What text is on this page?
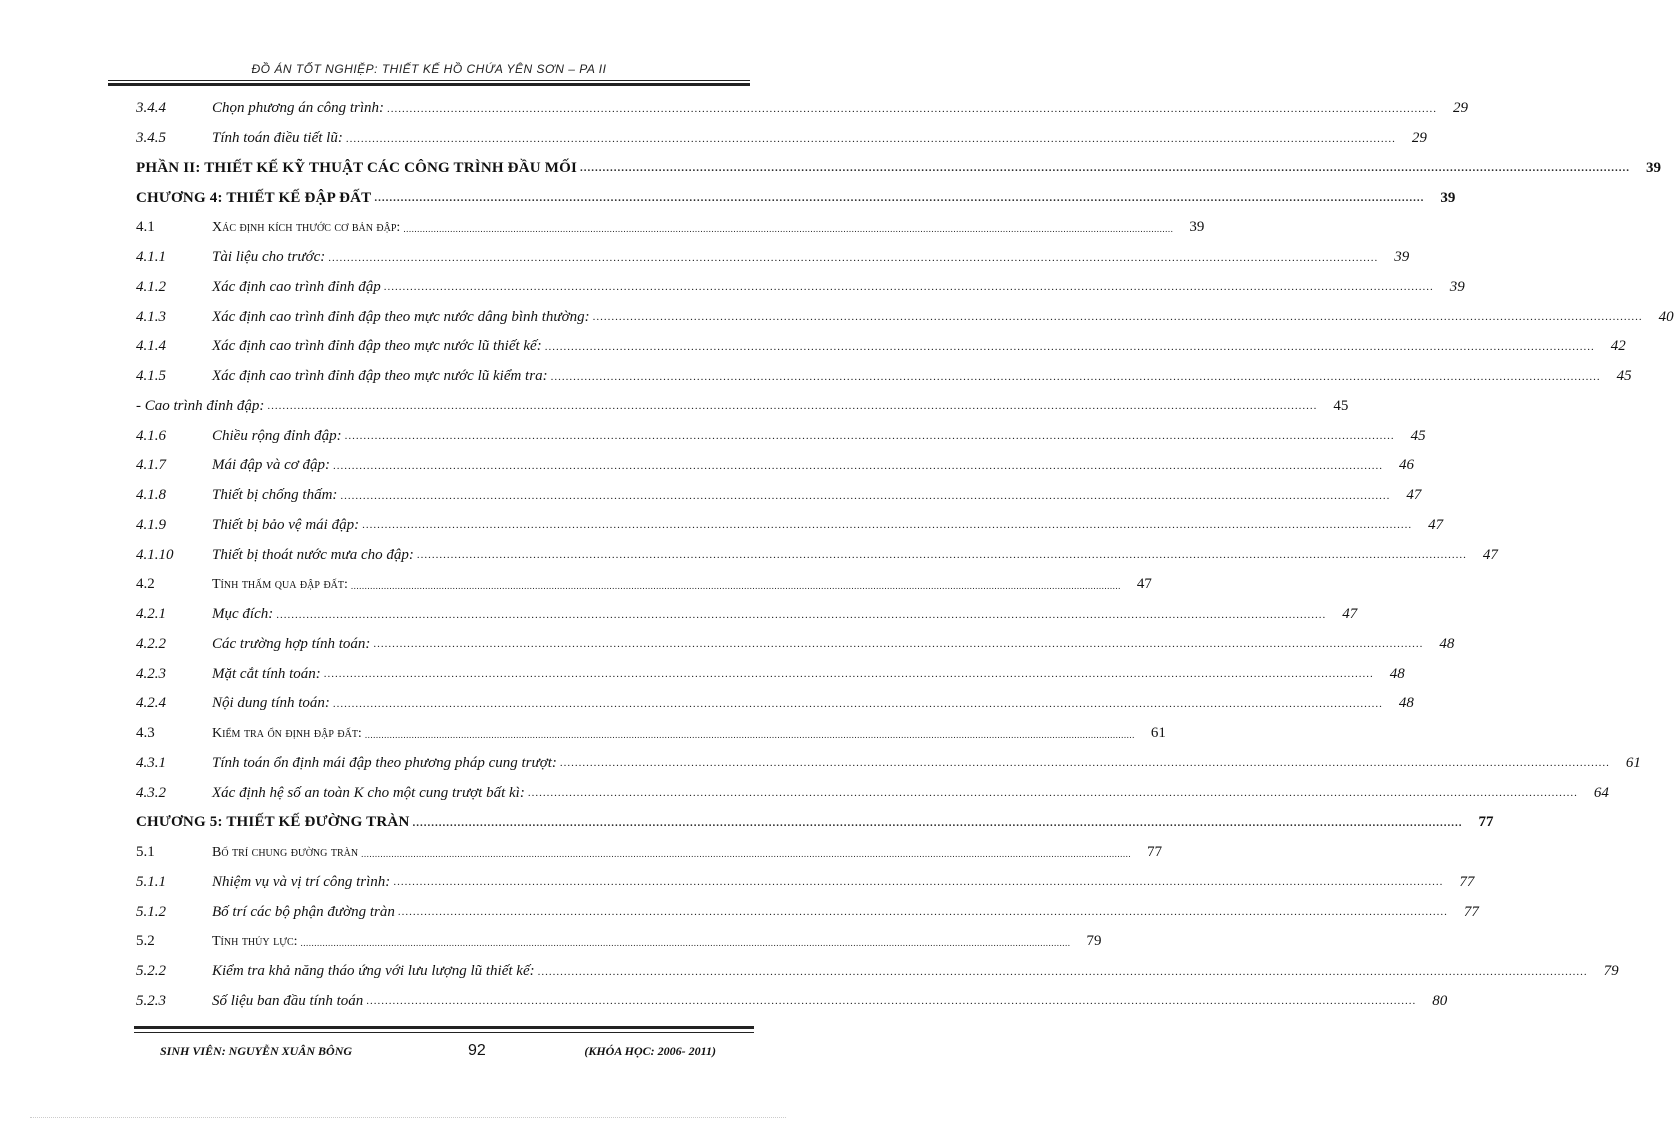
ĐỒ ÁN TỐT NGHIỆP: THIẾT KẾ HỒ CHỨA YÊN SƠN – PA II
3.4.4	Chọn phương án công trình: .....	29
3.4.5	Tính toán điều tiết lũ: .....	29
PHẦN II: THIẾT KẾ KỸ THUẬT CÁC CÔNG TRÌNH ĐẦU MỐI .....	39
CHƯƠNG 4: THIẾT KẾ ĐẬP ĐẤT .....	39
4.1	Xác định kích thước cơ bản đập: .....	39
4.1.1	Tài liệu cho trước: .....	39
4.1.2	Xác định cao trình đỉnh đập .....	39
4.1.3	Xác định cao trình đỉnh đập theo mực nước dâng bình thường: .....	40
4.1.4	Xác định cao trình đỉnh đập theo mực nước lũ thiết kế: .....	42
4.1.5	Xác định cao trình đỉnh đập theo mực nước lũ kiểm tra: .....	45
- Cao trình đỉnh đập: .....	45
4.1.6	Chiều rộng đỉnh đập: .....	45
4.1.7	Mái đập và cơ đập: .....	46
4.1.8	Thiết bị chống thấm: .....	47
4.1.9	Thiết bị bảo vệ mái đập: .....	47
4.1.10	Thiết bị thoát nước mưa cho đập: .....	47
4.2	Tính thấm qua đập đất: .....	47
4.2.1	Mục đích: .....	47
4.2.2	Các trường hợp tính toán: .....	48
4.2.3	Mặt cắt tính toán: .....	48
4.2.4	Nội dung tính toán: .....	48
4.3	Kiểm tra ổn định đập đất: .....	61
4.3.1	Tính toán ổn định mái đập theo phương pháp cung trượt: .....	61
4.3.2	Xác định hệ số an toàn K cho một cung trượt bất kì: .....	64
CHƯƠNG 5: THIẾT KẾ ĐƯỜNG TRÀN .....	77
5.1	Bố trí chung đường tràn .....	77
5.1.1	Nhiệm vụ và vị trí công trình: .....	77
5.1.2	Bố trí các bộ phận đường tràn .....	77
5.2	Tính thủy lực: .....	79
5.2.2	Kiểm tra khả năng tháo ứng với lưu lượng lũ thiết kế: .....	79
5.2.3	Số liệu ban đầu tính toán .....	80
SINH VIÊN: NGUYỄN XUÂN BÔNG	92	(KHÓA HỌC: 2006- 2011)
